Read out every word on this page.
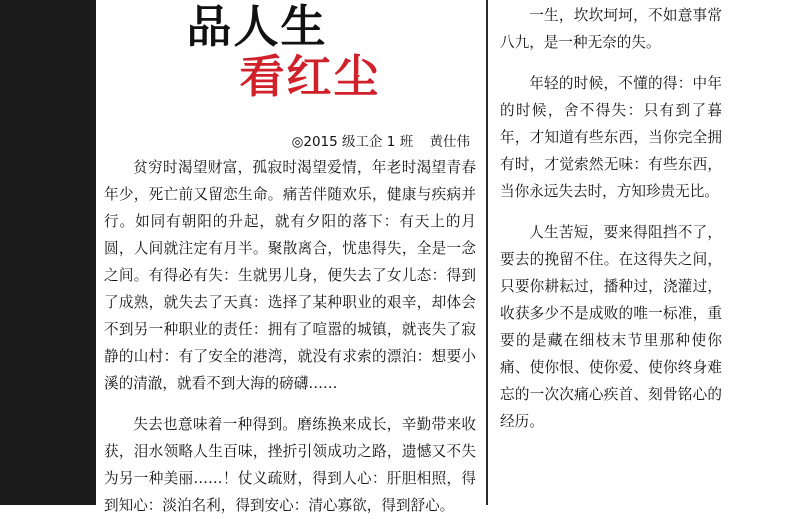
品人生
看红尘
◎2015 级工企 1 班 黄仕伟

贫穷时渴望财富，孤寂时渴望爱情，年老时渴望青春年少，死亡前又留恋生命。痛苦伴随欢乐，健康与疾病并行。如同有朝阳的升起，就有夕阳的落下：有天上的月圆，人间就注定有月半。聚散离合，忧患得失，全是一念之间。有得必有失：生就男儿身，便失去了女儿态：得到了成熟，就失去了天真：选择了某种职业的艰辛，却体会不到另一种职业的责任：拥有了喧嚣的城镇，就丧失了寂静的山村：有了安全的港湾，就没有求索的漂泊：想要小溪的清澈，就看不到大海的磅礴……

失去也意味着一种得到。磨练换来成长，辛勤带来收获，泪水领略人生百味，挫折引领成功之路，遗憾又不失为另一种美丽……！仗义疏财，得到人心：肝胆相照，得到知心：淡泊名利，得到安心：清心寡欲，得到舒心。

一生，坎坎坷坷，不如意事常八九，是一种无奈的失。

年轻的时候，不懂的得：中年的时候，舍不得失：只有到了暮年，才知道有些东西，当你完全拥有时，才觉索然无味：有些东西，当你永远失去时，方知珍贵无比。

人生苦短，要来得阻挡不了，要去的挽留不住。在这得失之间，只要你耕耘过，播种过，浇灌过，收获多少不是成败的唯一标准，重要的是藏在细枝末节里那种使你痛、使你恨、使你爱、使你终身难忘的一次次痛心疾首、刻骨铭心的经历。
